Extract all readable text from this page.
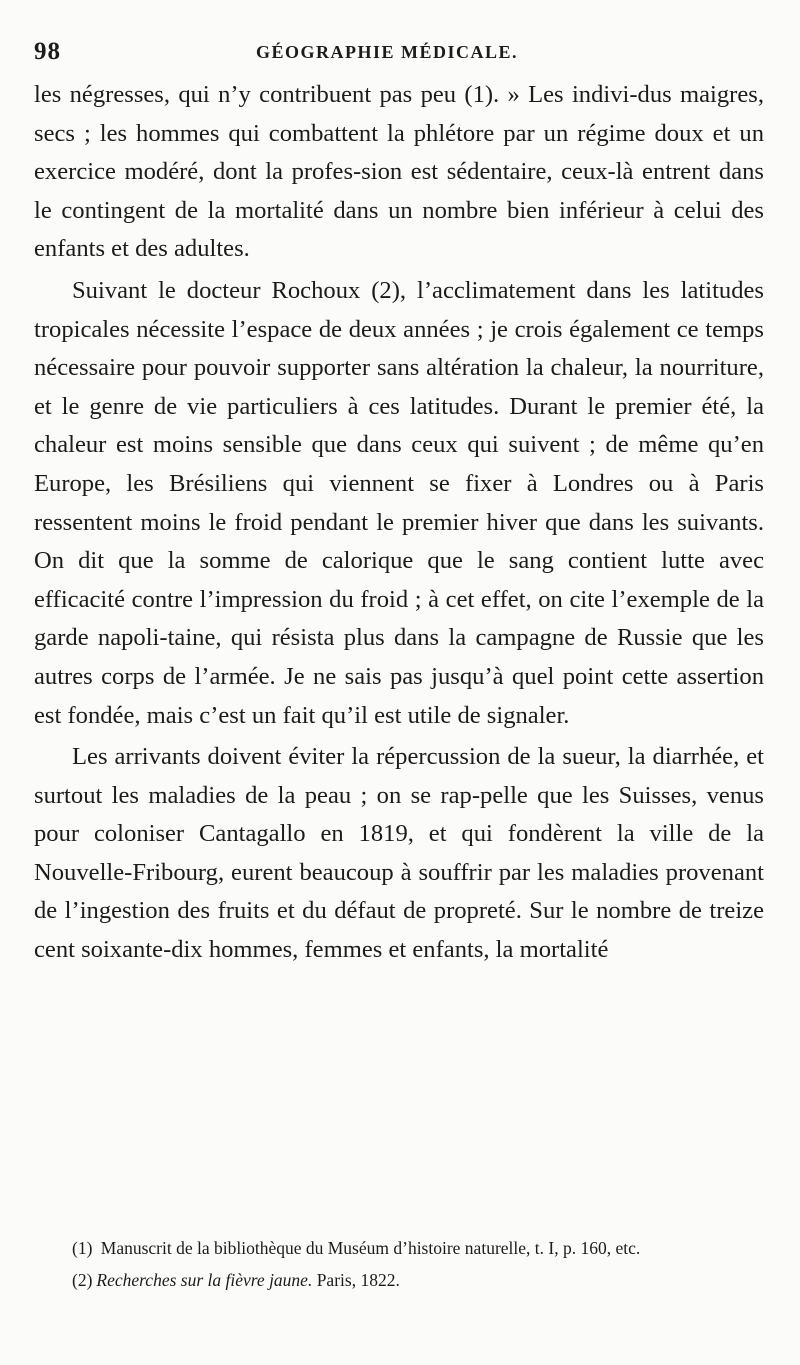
98	GÉOGRAPHIE MÉDICALE.

les négresses, qui n’y contribuent pas peu (1). » Les indivi-dus maigres, secs ; les hommes qui combattent la phlétore par un régime doux et un exercice modéré, dont la profes-sion est sédentaire, ceux-là entrent dans le contingent de la mortalité dans un nombre bien inférieur à celui des enfants et des adultes.

Suivant le docteur Rochoux (2), l’acclimatement dans les latitudes tropicales nécessite l’espace de deux années ; je crois également ce temps nécessaire pour pouvoir supporter sans altération la chaleur, la nourriture, et le genre de vie particuliers à ces latitudes. Durant le premier été, la chaleur est moins sensible que dans ceux qui suivent ; de même qu’en Europe, les Brésiliens qui viennent se fixer à Londres ou à Paris ressentent moins le froid pendant le premier hiver que dans les suivants. On dit que la somme de calorique que le sang contient lutte avec efficacité contre l’impression du froid ; à cet effet, on cite l’exemple de la garde napoli-taine, qui résista plus dans la campagne de Russie que les autres corps de l’armée. Je ne sais pas jusqu’à quel point cette assertion est fondée, mais c’est un fait qu’il est utile de signaler.

Les arrivants doivent éviter la répercussion de la sueur, la diarrhée, et surtout les maladies de la peau ; on se rap-pelle que les Suisses, venus pour coloniser Cantagallo en 1819, et qui fondèrent la ville de la Nouvelle-Fribourg, eurent beaucoup à souffrir par les maladies provenant de l’ingestion des fruits et du défaut de propreté. Sur le nombre de treize cent soixante-dix hommes, femmes et enfants, la mortalité

(1) Manuscrit de la bibliothèque du Muséum d’histoire naturelle, t. I, p. 160, etc.

(2) Recherches sur la fièvre jaune. Paris, 1822.
